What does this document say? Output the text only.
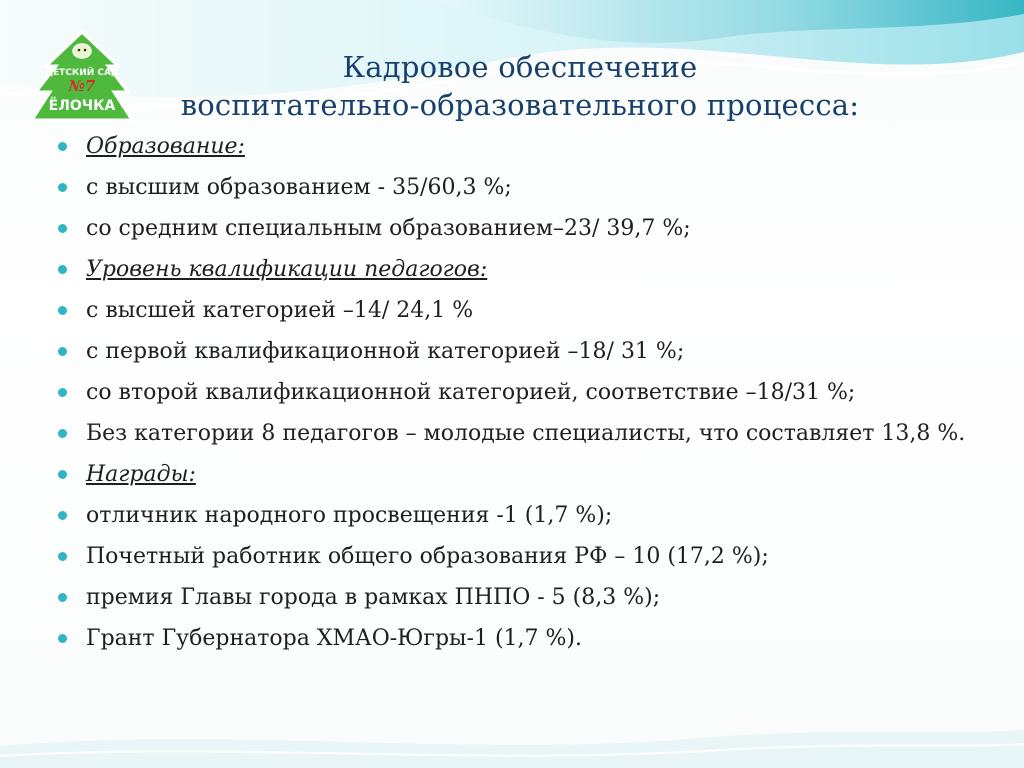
ДЕТСКИЙ САД
№7
ЁЛОЧКА
Кадровое обеспечение
воспитательно-образовательного процесса:
Образование:
с высшим образованием - 35/60,3 %;
со средним специальным образованием–23/ 39,7 %;
Уровень квалификации педагогов:
с высшей категорией –14/ 24,1 %
с первой квалификационной категорией –18/ 31 %;
со второй квалификационной категорией, соответствие –18/31 %;
Без категории 8 педагогов – молодые специалисты, что составляет 13,8 %.
Награды:
отличник народного просвещения -1 (1,7 %);
Почетный работник общего образования РФ – 10 (17,2 %);
премия Главы города в рамках ПНПО - 5 (8,3 %);
Грант Губернатора ХМАО-Югры-1 (1,7 %).
